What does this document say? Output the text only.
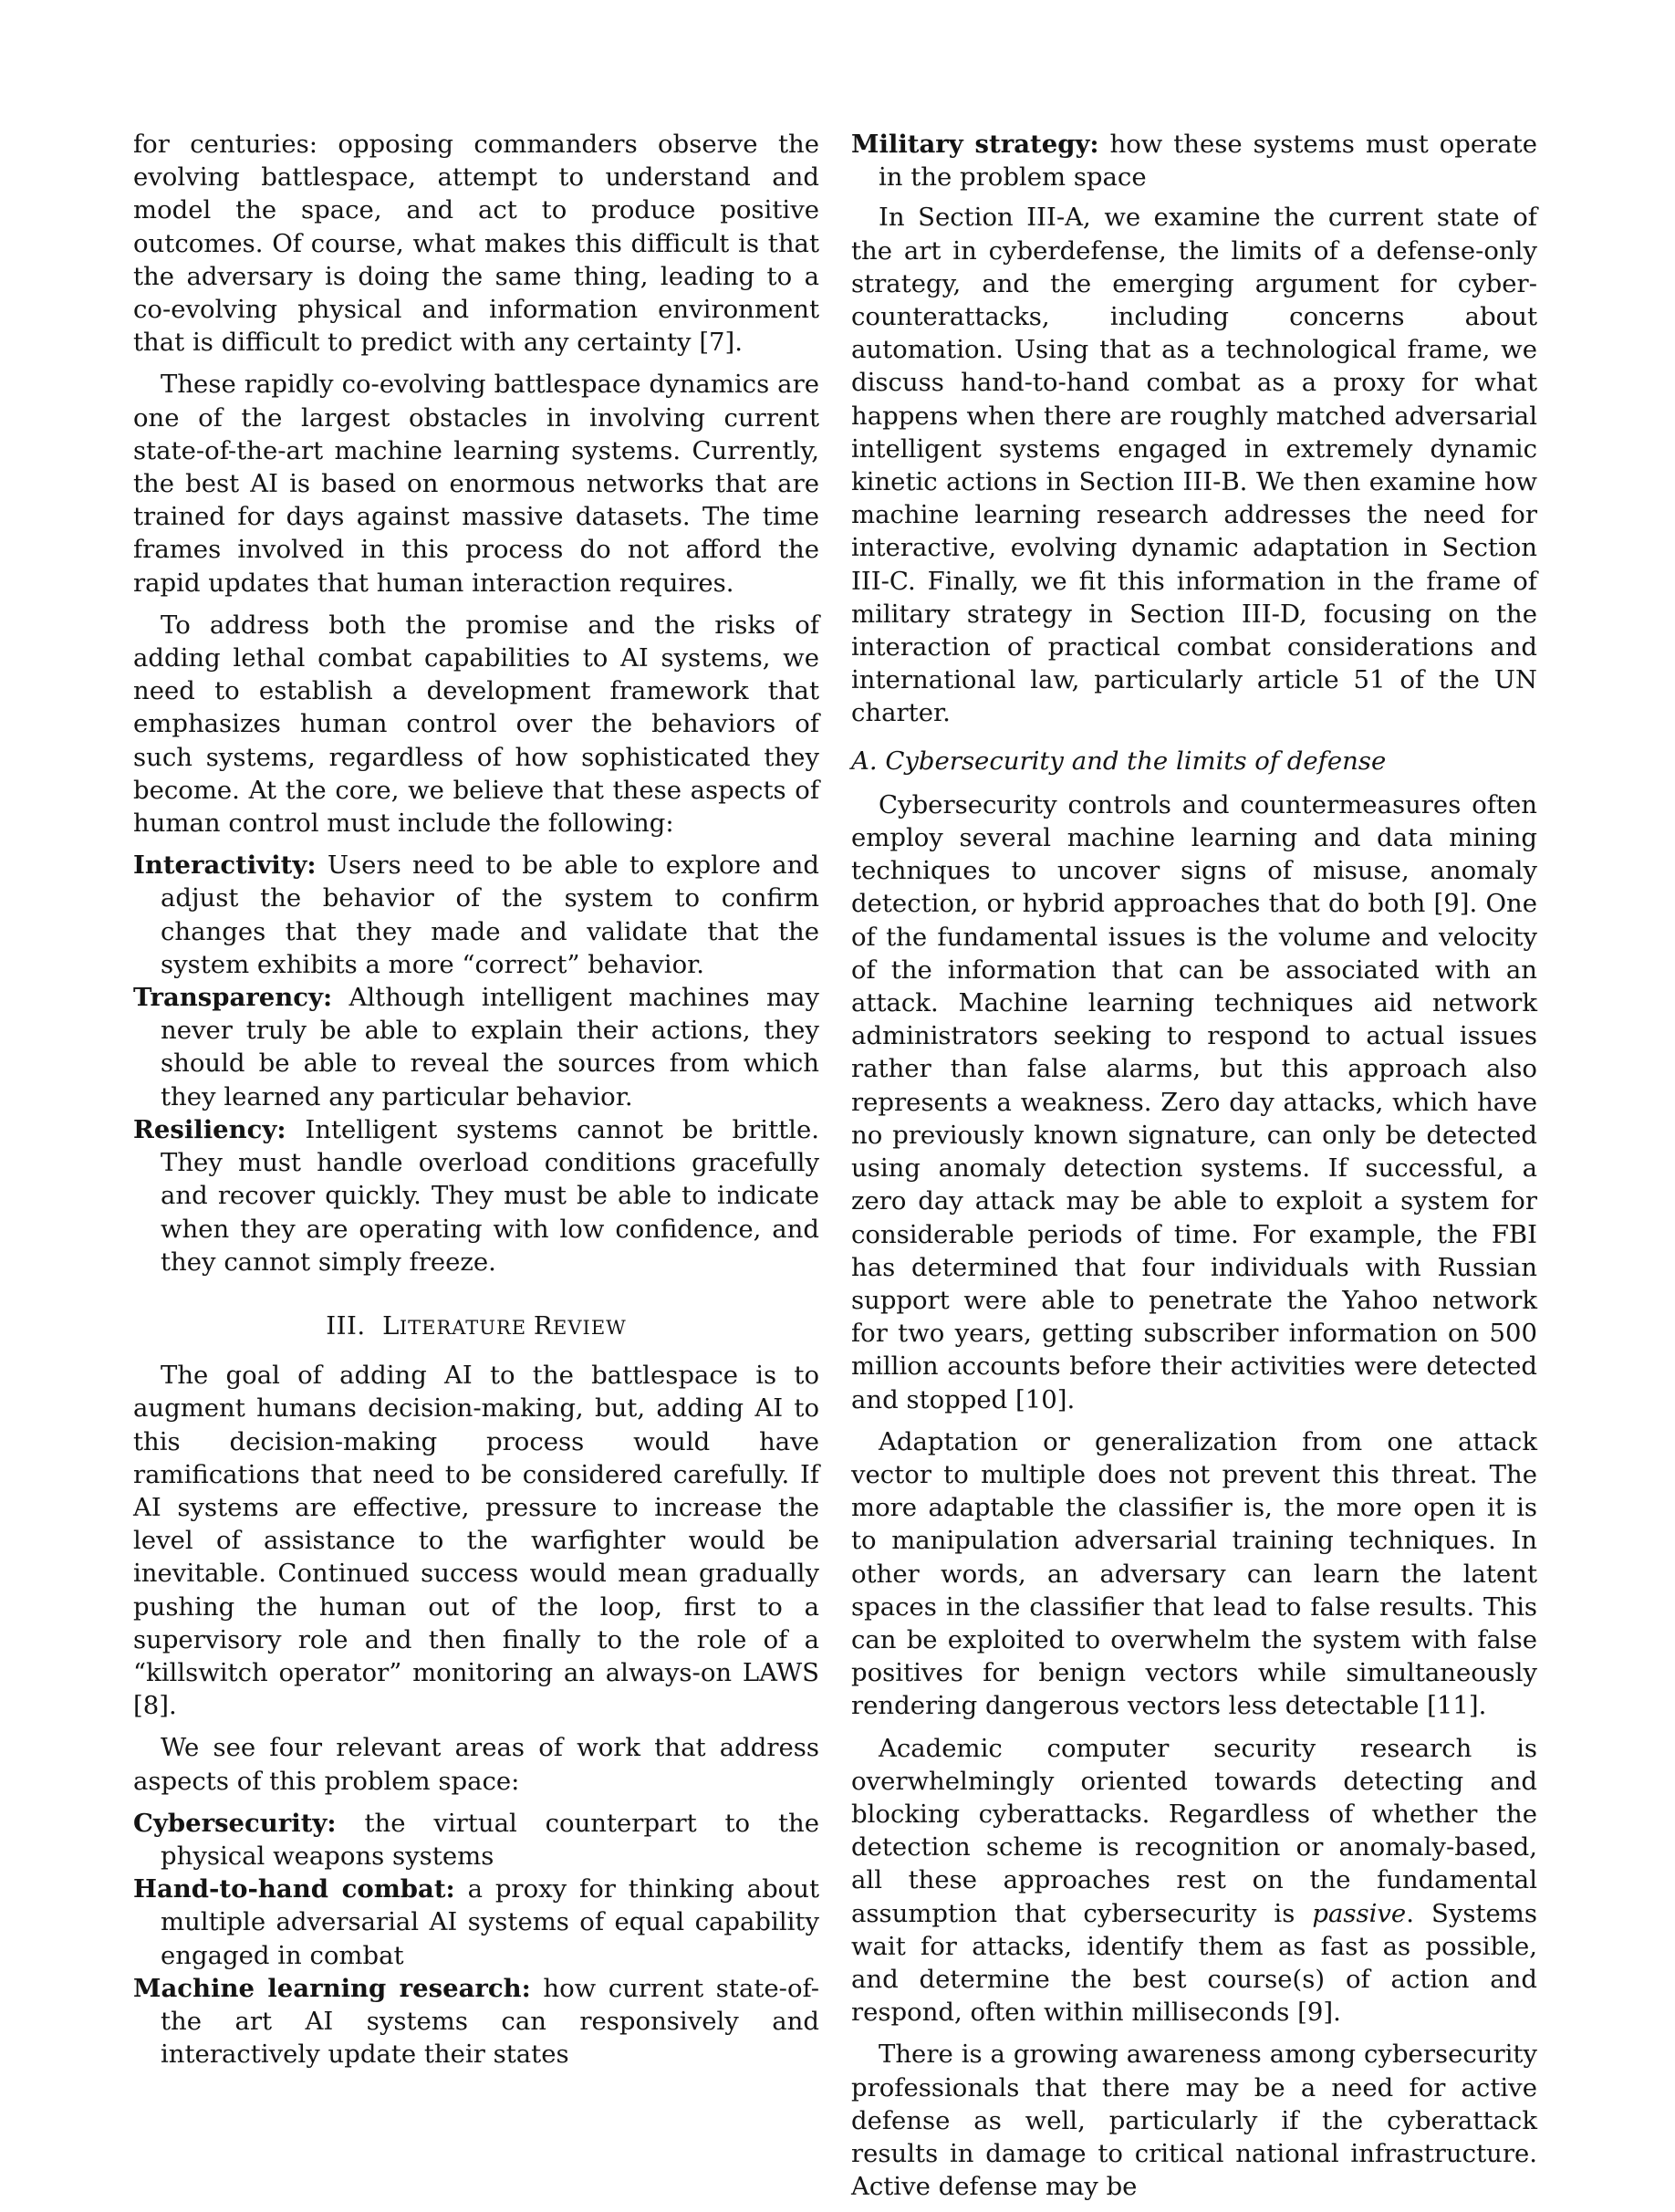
for centuries: opposing commanders observe the evolving battlespace, attempt to understand and model the space, and act to produce positive outcomes. Of course, what makes this difficult is that the adversary is doing the same thing, leading to a co-evolving physical and information environment that is difficult to predict with any certainty [7].

These rapidly co-evolving battlespace dynamics are one of the largest obstacles in involving current state-of-the-art machine learning systems. Currently, the best AI is based on enormous networks that are trained for days against massive datasets. The time frames involved in this process do not afford the rapid updates that human interaction requires.

To address both the promise and the risks of adding lethal combat capabilities to AI systems, we need to establish a development framework that emphasizes human control over the behaviors of such systems, regardless of how sophisticated they become. At the core, we believe that these aspects of human control must include the following:

Interactivity: Users need to be able to explore and adjust the behavior of the system to confirm changes that they made and validate that the system exhibits a more “correct” behavior.

Transparency: Although intelligent machines may never truly be able to explain their actions, they should be able to reveal the sources from which they learned any particular behavior.

Resiliency: Intelligent systems cannot be brittle. They must handle overload conditions gracefully and recover quickly. They must be able to indicate when they are operating with low confidence, and they cannot simply freeze.

III. LITERATURE REVIEW

The goal of adding AI to the battlespace is to augment humans decision-making, but, adding AI to this decision-making process would have ramifications that need to be considered carefully. If AI systems are effective, pressure to increase the level of assistance to the warfighter would be inevitable. Continued success would mean gradually pushing the human out of the loop, first to a supervisory role and then finally to the role of a “killswitch operator” monitoring an always-on LAWS [8].

We see four relevant areas of work that address aspects of this problem space:

Cybersecurity: the virtual counterpart to the physical weapons systems

Hand-to-hand combat: a proxy for thinking about multiple adversarial AI systems of equal capability engaged in combat

Machine learning research: how current state-of-the art AI systems can responsively and interactively update their states

Military strategy: how these systems must operate in the problem space

In Section III-A, we examine the current state of the art in cyberdefense, the limits of a defense-only strategy, and the emerging argument for cyber-counterattacks, including concerns about automation. Using that as a technological frame, we discuss hand-to-hand combat as a proxy for what happens when there are roughly matched adversarial intelligent systems engaged in extremely dynamic kinetic actions in Section III-B. We then examine how machine learning research addresses the need for interactive, evolving dynamic adaptation in Section III-C. Finally, we fit this information in the frame of military strategy in Section III-D, focusing on the interaction of practical combat considerations and international law, particularly article 51 of the UN charter.

A. Cybersecurity and the limits of defense

Cybersecurity controls and countermeasures often employ several machine learning and data mining techniques to uncover signs of misuse, anomaly detection, or hybrid approaches that do both [9]. One of the fundamental issues is the volume and velocity of the information that can be associated with an attack. Machine learning techniques aid network administrators seeking to respond to actual issues rather than false alarms, but this approach also represents a weakness. Zero day attacks, which have no previously known signature, can only be detected using anomaly detection systems. If successful, a zero day attack may be able to exploit a system for considerable periods of time. For example, the FBI has determined that four individuals with Russian support were able to penetrate the Yahoo network for two years, getting subscriber information on 500 million accounts before their activities were detected and stopped [10].

Adaptation or generalization from one attack vector to multiple does not prevent this threat. The more adaptable the classifier is, the more open it is to manipulation adversarial training techniques. In other words, an adversary can learn the latent spaces in the classifier that lead to false results. This can be exploited to overwhelm the system with false positives for benign vectors while simultaneously rendering dangerous vectors less detectable [11].

Academic computer security research is overwhelmingly oriented towards detecting and blocking cyberattacks. Regardless of whether the detection scheme is recognition or anomaly-based, all these approaches rest on the fundamental assumption that cybersecurity is passive. Systems wait for attacks, identify them as fast as possible, and determine the best course(s) of action and respond, often within milliseconds [9].

There is a growing awareness among cybersecurity professionals that there may be a need for active defense as well, particularly if the cyberattack results in damage to critical national infrastructure. Active defense may be
